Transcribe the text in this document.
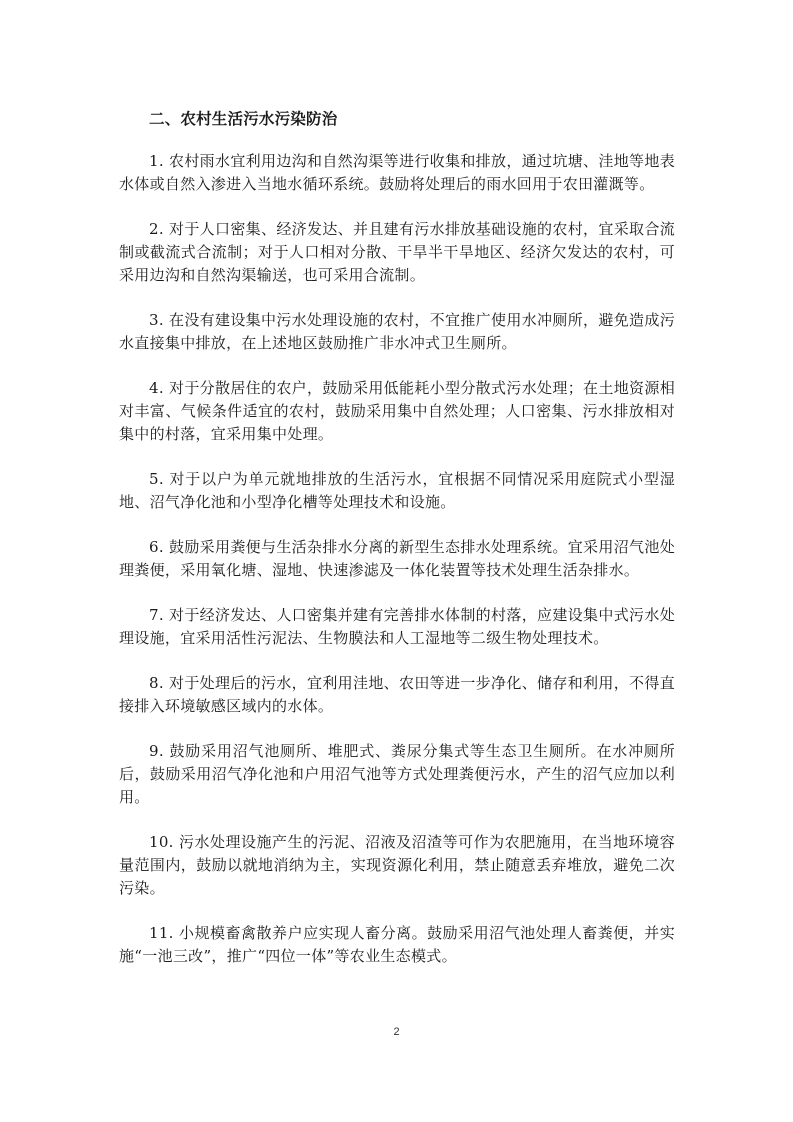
二、农村生活污水污染防治

1. 农村雨水宜利用边沟和自然沟渠等进行收集和排放，通过坑塘、洼地等地表水体或自然入渗进入当地水循环系统。鼓励将处理后的雨水回用于农田灌溉等。

2. 对于人口密集、经济发达、并且建有污水排放基础设施的农村，宜采取合流制或截流式合流制；对于人口相对分散、干旱半干旱地区、经济欠发达的农村，可采用边沟和自然沟渠输送，也可采用合流制。

3. 在没有建设集中污水处理设施的农村，不宜推广使用水冲厕所，避免造成污水直接集中排放，在上述地区鼓励推广非水冲式卫生厕所。

4. 对于分散居住的农户，鼓励采用低能耗小型分散式污水处理；在土地资源相对丰富、气候条件适宜的农村，鼓励采用集中自然处理；人口密集、污水排放相对集中的村落，宜采用集中处理。

5. 对于以户为单元就地排放的生活污水，宜根据不同情况采用庭院式小型湿地、沼气净化池和小型净化槽等处理技术和设施。

6. 鼓励采用粪便与生活杂排水分离的新型生态排水处理系统。宜采用沼气池处理粪便，采用氧化塘、湿地、快速渗滤及一体化装置等技术处理生活杂排水。

7. 对于经济发达、人口密集并建有完善排水体制的村落，应建设集中式污水处理设施，宜采用活性污泥法、生物膜法和人工湿地等二级生物处理技术。

8. 对于处理后的污水，宜利用洼地、农田等进一步净化、储存和利用，不得直接排入环境敏感区域内的水体。

9. 鼓励采用沼气池厕所、堆肥式、粪尿分集式等生态卫生厕所。在水冲厕所后，鼓励采用沼气净化池和户用沼气池等方式处理粪便污水，产生的沼气应加以利用。

10. 污水处理设施产生的污泥、沼液及沼渣等可作为农肥施用，在当地环境容量范围内，鼓励以就地消纳为主，实现资源化利用，禁止随意丢弃堆放，避免二次污染。

11. 小规模畜禽散养户应实现人畜分离。鼓励采用沼气池处理人畜粪便，并实施“一池三改”，推广“四位一体”等农业生态模式。

2
